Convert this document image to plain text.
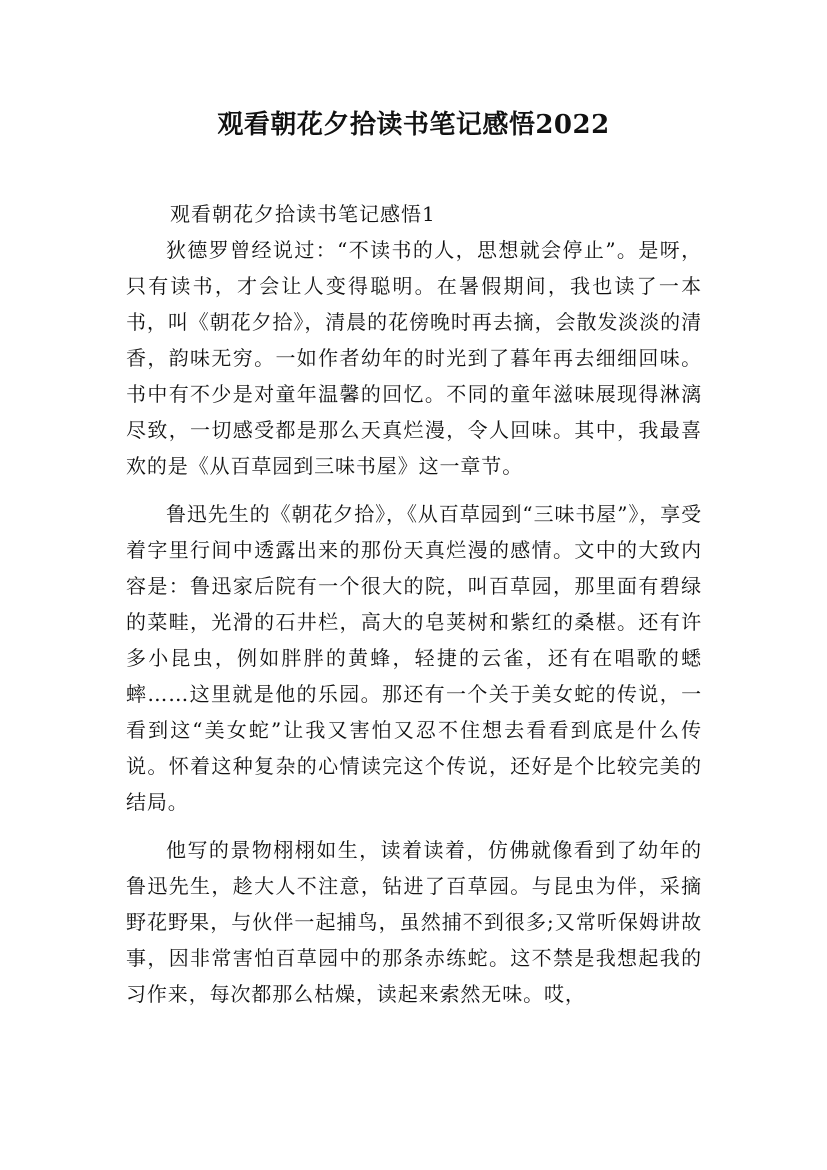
观看朝花夕拾读书笔记感悟2022
观看朝花夕拾读书笔记感悟1

狄德罗曾经说过：“不读书的人，思想就会停止”。是呀，只有读书，才会让人变得聪明。在暑假期间，我也读了一本书，叫《朝花夕拾》，清晨的花傍晚时再去摘，会散发淡淡的清香，韵味无穷。一如作者幼年的时光到了暮年再去细细回味。书中有不少是对童年温馨的回忆。不同的童年滋味展现得淋漓尽致，一切感受都是那么天真烂漫，令人回味。其中，我最喜欢的是《从百草园到三味书屋》这一章节。

鲁迅先生的《朝花夕拾》，《从百草园到“三味书屋”》，享受着字里行间中透露出来的那份天真烂漫的感情。文中的大致内容是：鲁迅家后院有一个很大的院，叫百草园，那里面有碧绿的菜畦，光滑的石井栏，高大的皂荚树和紫红的桑椹。还有许多小昆虫，例如胖胖的黄蜂，轻捷的云雀，还有在唱歌的蟋蟀……这里就是他的乐园。那还有一个关于美女蛇的传说，一看到这“美女蛇”让我又害怕又忍不住想去看看到底是什么传说。怀着这种复杂的心情读完这个传说，还好是个比较完美的结局。

他写的景物栩栩如生，读着读着，仿佛就像看到了幼年的鲁迅先生，趁大人不注意，钻进了百草园。与昆虫为伴，采摘野花野果，与伙伴一起捕鸟，虽然捕不到很多;又常听保姆讲故事，因非常害怕百草园中的那条赤练蛇。这不禁是我想起我的习作来，每次都那么枯燥，读起来索然无味。哎，
